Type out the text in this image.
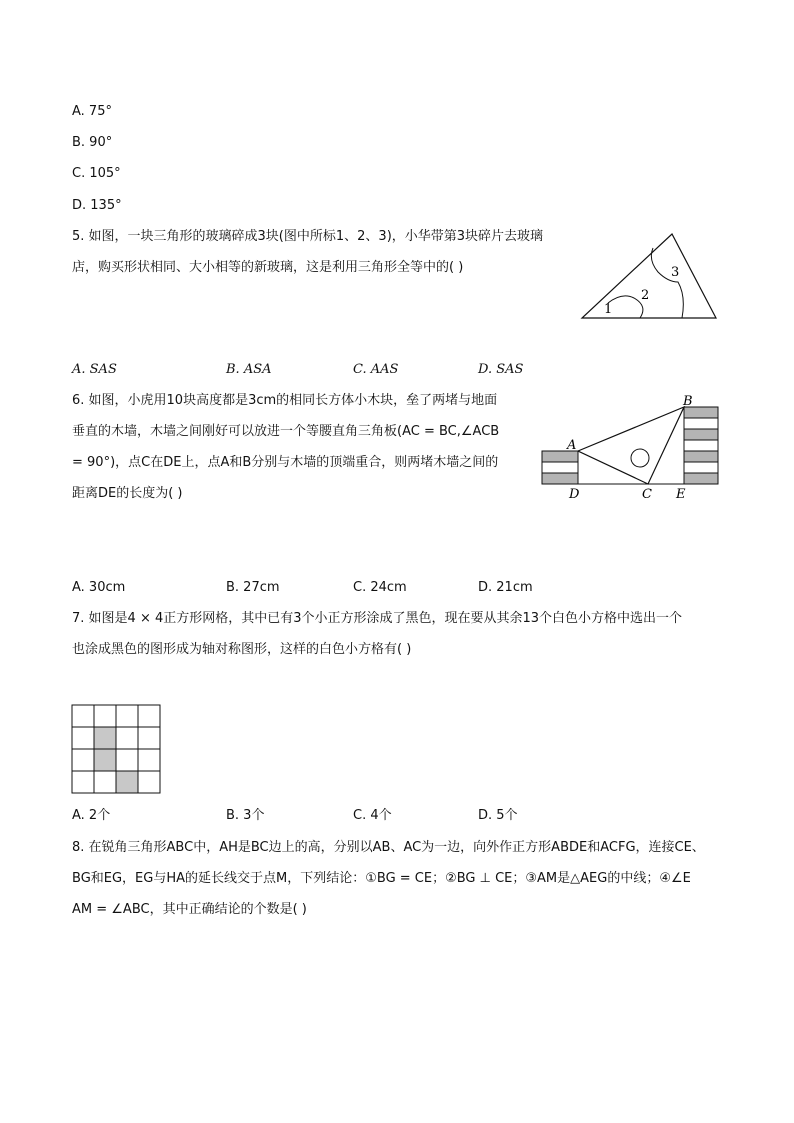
A. 75°
B. 90°
C. 105°
D. 135°
5. 如图，一块三角形的玻璃碎成3块(图中所标1、2、3)，小华带第3块碎片去玻璃
店，购买形状相同、大小相等的新玻璃，这是利用三角形全等中的( )
1
2
3
A. SAS	B. ASA	C. AAS	D. SAS
6. 如图，小虎用10块高度都是3cm的相同长方体小木块，垒了两堵与地面
垂直的木墙，木墙之间刚好可以放进一个等腰直角三角板(AC = BC,∠ACB
= 90°)，点C在DE上，点A和B分别与木墙的顶端重合，则两堵木墙之间的
距离DE的长度为( )
A
B
C
D	E
A. 30cm	B. 27cm	C. 24cm	D. 21cm
7. 如图是4 × 4正方形网格，其中已有3个小正方形涂成了黑色，现在要从其余13个白色小方格中选出一个
也涂成黑色的图形成为轴对称图形，这样的白色小方格有( )
A. 2个	B. 3个	C. 4个	D. 5个
8. 在锐角三角形ABC中，AH是BC边上的高，分别以AB、AC为一边，向外作正方形ABDE和ACFG，连接CE、
BG和EG，EG与HA的延长线交于点M，下列结论：①BG = CE；②BG ⊥ CE；③AM是△AEG的中线；④∠E
AM = ∠ABC，其中正确结论的个数是( )
